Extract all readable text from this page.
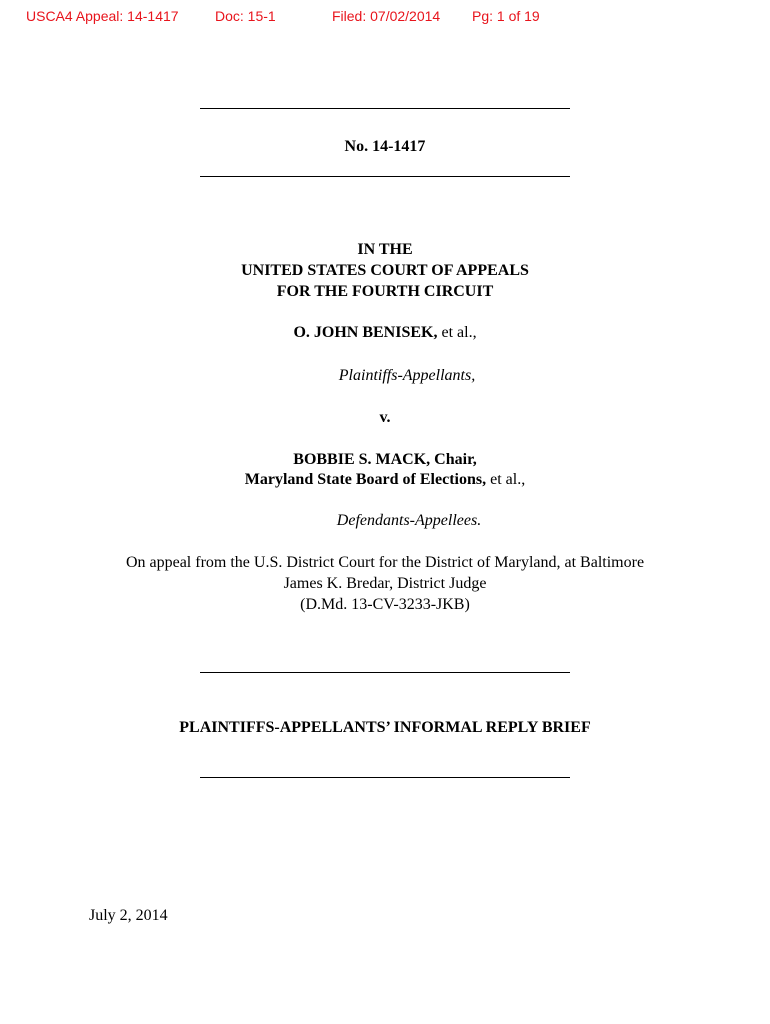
USCA4 Appeal: 14-1417	Doc: 15-1	Filed: 07/02/2014 Pg: 1 of 19
No. 14-1417
IN THE
UNITED STATES COURT OF APPEALS
FOR THE FOURTH CIRCUIT
O. JOHN BENISEK, et al.,
Plaintiffs-Appellants,
v.
BOBBIE S. MACK, Chair,
Maryland State Board of Elections, et al.,
Defendants-Appellees.
On appeal from the U.S. District Court for the District of Maryland, at Baltimore
James K. Bredar, District Judge
(D.Md. 13-CV-3233-JKB)
PLAINTIFFS-APPELLANTS’ INFORMAL REPLY BRIEF
July 2, 2014
